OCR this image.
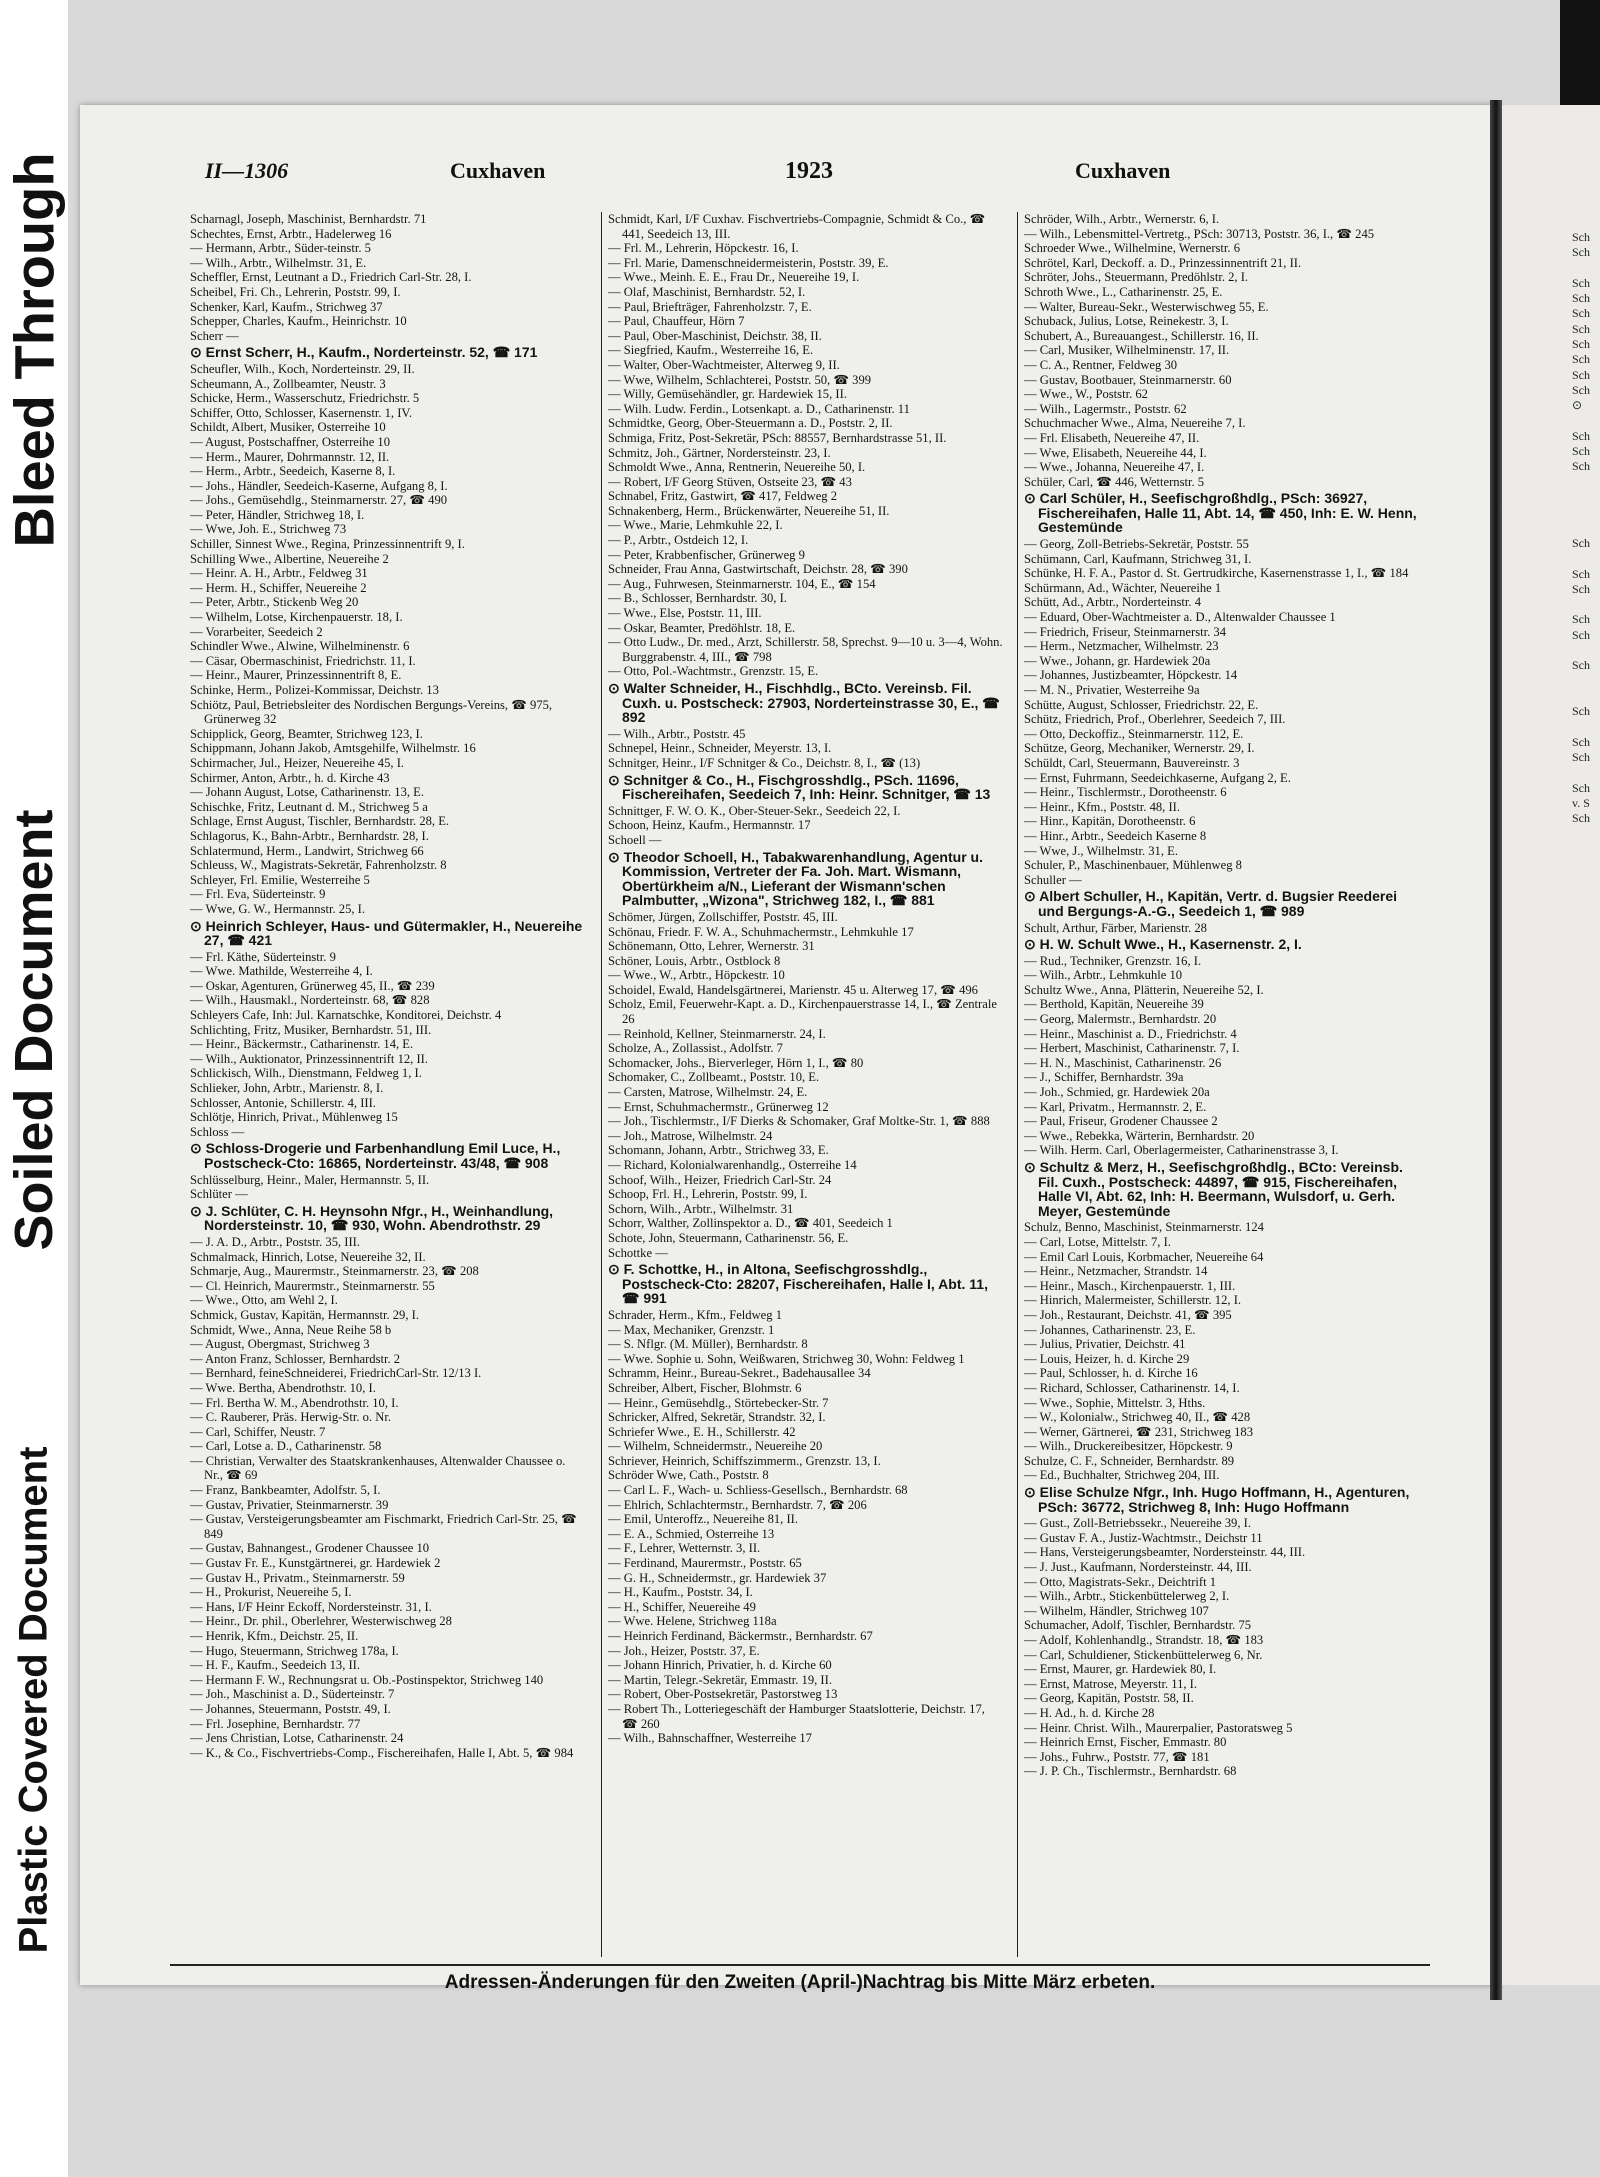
Bleed Through
Soiled Document
Plastic Covered Document
Sch
Sch
Sch
Sch
Sch
Sch
Sch
Sch
Sch
Sch
⊙
Sch
Sch
Sch
Sch
Sch
Sch
Sch
Sch
Sch
Sch
Sch
Sch
Sch
v. S
Sch
II—1306	Cuxhaven	1923	Cuxhaven
Scharnagl, Joseph, Maschinist, Bernhardstr. 71
Schechtes, Ernst, Arbtr., Hadelerweg 16
— Hermann, Arbtr., Süder-teinstr. 5
— Wilh., Arbtr., Wilhelmstr. 31, E.
Scheffler, Ernst, Leutnant a D., Friedrich Carl-Str. 28, I.
Scheibel, Fri. Ch., Lehrerin, Poststr. 99, I.
Schenker, Karl, Kaufm., Strichweg 37
Schepper, Charles, Kaufm., Heinrichstr. 10
Scherr —
⊙ Ernst Scherr, H., Kaufm., Norderteinstr. 52, ☎ 171
Scheufler, Wilh., Koch, Norderteinstr. 29, II.
Scheumann, A., Zollbeamter, Neustr. 3
Schicke, Herm., Wasserschutz, Friedrichstr. 5
Schiffer, Otto, Schlosser, Kasernenstr. 1, IV.
Schildt, Albert, Musiker, Osterreihe 10
— August, Postschaffner, Osterreihe 10
— Herm., Maurer, Dohrmannstr. 12, II.
— Herm., Arbtr., Seedeich, Kaserne 8, I.
— Johs., Händler, Seedeich-Kaserne, Aufgang 8, I.
— Johs., Gemüsehdlg., Steinmarnerstr. 27, ☎ 490
— Peter, Händler, Strichweg 18, I.
— Wwe, Joh. E., Strichweg 73
Schiller, Sinnest Wwe., Regina, Prinzessinnentrift 9, I.
Schilling Wwe., Albertine, Neuereihe 2
— Heinr. A. H., Arbtr., Feldweg 31
— Herm. H., Schiffer, Neuereihe 2
— Peter, Arbtr., Stickenb Weg 20
— Wilhelm, Lotse, Kirchenpauerstr. 18, I.
— Vorarbeiter, Seedeich 2
Schindler Wwe., Alwine, Wilhelminenstr. 6
— Cäsar, Obermaschinist, Friedrichstr. 11, I.
— Heinr., Maurer, Prinzessinnentrift 8, E.
Schinke, Herm., Polizei-Kommissar, Deichstr. 13
Schiötz, Paul, Betriebsleiter des Nordischen Bergungs-Vereins, ☎ 975, Grünerweg 32
Schipplick, Georg, Beamter, Strichweg 123, I.
Schippmann, Johann Jakob, Amtsgehilfe, Wilhelmstr. 16
Schirmacher, Jul., Heizer, Neuereihe 45, I.
Schirmer, Anton, Arbtr., h. d. Kirche 43
— Johann August, Lotse, Catharinenstr. 13, E.
Schischke, Fritz, Leutnant d. M., Strichweg 5 a
Schlage, Ernst August, Tischler, Bernhardstr. 28, E.
Schlagorus, K., Bahn-Arbtr., Bernhardstr. 28, I.
Schlatermund, Herm., Landwirt, Strichweg 66
Schleuss, W., Magistrats-Sekretär, Fahrenholzstr. 8
Schleyer, Frl. Emilie, Westerreihe 5
— Frl. Eva, Süderteinstr. 9
— Wwe, G. W., Hermannstr. 25, I.
⊙ Heinrich Schleyer, Haus- und Gütermakler, H., Neuereihe 27, ☎ 421
— Frl. Käthe, Süderteinstr. 9
— Wwe. Mathilde, Westerreihe 4, I.
— Oskar, Agenturen, Grünerweg 45, II., ☎ 239
— Wilh., Hausmakl., Norderteinstr. 68, ☎ 828
Schleyers Cafe, Inh: Jul. Karnatschke, Konditorei, Deichstr. 4
Schlichting, Fritz, Musiker, Bernhardstr. 51, III.
— Heinr., Bäckermstr., Catharinenstr. 14, E.
— Wilh., Auktionator, Prinzessinnentrift 12, II.
Schlickisch, Wilh., Dienstmann, Feldweg 1, I.
Schlieker, John, Arbtr., Marienstr. 8, I.
Schlosser, Antonie, Schillerstr. 4, III.
Schlötje, Hinrich, Privat., Mühlenweg 15
Schloss —
⊙ Schloss-Drogerie und Farbenhandlung Emil Luce, H., Postscheck-Cto: 16865, Norderteinstr. 43/48, ☎ 908
Schlüsselburg, Heinr., Maler, Hermannstr. 5, II.
Schlüter —
⊙ J. Schlüter, C. H. Heynsohn Nfgr., H., Weinhandlung, Nordersteinstr. 10, ☎ 930, Wohn. Abendrothstr. 29
— J. A. D., Arbtr., Poststr. 35, III.
Schmalmack, Hinrich, Lotse, Neuereihe 32, II.
Schmarje, Aug., Maurermstr., Steinmarnerstr. 23, ☎ 208
— Cl. Heinrich, Maurermstr., Steinmarnerstr. 55
— Wwe., Otto, am Wehl 2, I.
Schmick, Gustav, Kapitän, Hermannstr. 29, I.
Schmidt, Wwe., Anna, Neue Reihe 58 b
— August, Obergmast, Strichweg 3
— Anton Franz, Schlosser, Bernhardstr. 2
— Bernhard, feineSchneiderei, FriedrichCarl-Str. 12/13 I.
— Wwe. Bertha, Abendrothstr. 10, I.
— Frl. Bertha W. M., Abendrothstr. 10, I.
— C. Rauberer, Präs. Herwig-Str. o. Nr.
— Carl, Schiffer, Neustr. 7
— Carl, Lotse a. D., Catharinenstr. 58
— Christian, Verwalter des Staatskrankenhauses, Altenwalder Chaussee o. Nr., ☎ 69
— Franz, Bankbeamter, Adolfstr. 5, I.
— Gustav, Privatier, Steinmarnerstr. 39
— Gustav, Versteigerungsbeamter am Fischmarkt, Friedrich Carl-Str. 25, ☎ 849
— Gustav, Bahnangest., Grodener Chaussee 10
— Gustav Fr. E., Kunstgärtnerei, gr. Hardewiek 2
— Gustav H., Privatm., Steinmarnerstr. 59
— H., Prokurist, Neuereihe 5, I.
— Hans, I/F Heinr Eckoff, Nordersteinstr. 31, I.
— Heinr., Dr. phil., Oberlehrer, Westerwischweg 28
— Henrik, Kfm., Deichstr. 25, II.
— Hugo, Steuermann, Strichweg 178a, I.
— H. F., Kaufm., Seedeich 13, II.
— Hermann F. W., Rechnungsrat u. Ob.-Postinspektor, Strichweg 140
— Joh., Maschinist a. D., Süderteinstr. 7
— Johannes, Steuermann, Poststr. 49, I.
— Frl. Josephine, Bernhardstr. 77
— Jens Christian, Lotse, Catharinenstr. 24
— K., & Co., Fischvertriebs-Comp., Fischereihafen, Halle I, Abt. 5, ☎ 984
Schmidt, Karl, I/F Cuxhav. Fischvertriebs-Compagnie, Schmidt & Co., ☎ 441, Seedeich 13, III.
— Frl. M., Lehrerin, Höpckestr. 16, I.
— Frl. Marie, Damenschneidermeisterin, Poststr. 39, E.
— Wwe., Meinh. E. E., Frau Dr., Neuereihe 19, I.
— Olaf, Maschinist, Bernhardstr. 52, I.
— Paul, Briefträger, Fahrenholzstr. 7, E.
— Paul, Chauffeur, Hörn 7
— Paul, Ober-Maschinist, Deichstr. 38, II.
— Siegfried, Kaufm., Westerreihe 16, E.
— Walter, Ober-Wachtmeister, Alterweg 9, II.
— Wwe, Wilhelm, Schlachterei, Poststr. 50, ☎ 399
— Willy, Gemüsehändler, gr. Hardewiek 15, II.
— Wilh. Ludw. Ferdin., Lotsenkapt. a. D., Catharinenstr. 11
Schmidtke, Georg, Ober-Steuermann a. D., Poststr. 2, II.
Schmiga, Fritz, Post-Sekretär, PSch: 88557, Bernhardstrasse 51, II.
Schmitz, Joh., Gärtner, Nordersteinstr. 23, I.
Schmoldt Wwe., Anna, Rentnerin, Neuereihe 50, I.
— Robert, I/F Georg Stüven, Ostseite 23, ☎ 43
Schnabel, Fritz, Gastwirt, ☎ 417, Feldweg 2
Schnakenberg, Herm., Brückenwärter, Neuereihe 51, II.
— Wwe., Marie, Lehmkuhle 22, I.
— P., Arbtr., Ostdeich 12, I.
— Peter, Krabbenfischer, Grünerweg 9
Schneider, Frau Anna, Gastwirtschaft, Deichstr. 28, ☎ 390
— Aug., Fuhrwesen, Steinmarnerstr. 104, E., ☎ 154
— B., Schlosser, Bernhardstr. 30, I.
— Wwe., Else, Poststr. 11, III.
— Oskar, Beamter, Predöhlstr. 18, E.
— Otto Ludw., Dr. med., Arzt, Schillerstr. 58, Sprechst. 9—10 u. 3—4, Wohn. Burggrabenstr. 4, III., ☎ 798
— Otto, Pol.-Wachtmstr., Grenzstr. 15, E.
⊙ Walter Schneider, H., Fischhdlg., BCto. Vereinsb. Fil. Cuxh. u. Postscheck: 27903, Norderteinstrasse 30, E., ☎ 892
— Wilh., Arbtr., Poststr. 45
Schnepel, Heinr., Schneider, Meyerstr. 13, I.
Schnitger, Heinr., I/F Schnitger & Co., Deichstr. 8, I., ☎ (13)
⊙ Schnitger & Co., H., Fischgrosshdlg., PSch. 11696, Fischereihafen, Seedeich 7, Inh: Heinr. Schnitger, ☎ 13
Schnittger, F. W. O. K., Ober-Steuer-Sekr., Seedeich 22, I.
Schoon, Heinz, Kaufm., Hermannstr. 17
Schoell —
⊙ Theodor Schoell, H., Tabakwarenhandlung, Agentur u. Kommission, Vertreter der Fa. Joh. Mart. Wismann, Obertürkheim a/N., Lieferant der Wismann'schen Palmbutter, „Wizona", Strichweg 182, I., ☎ 881
Schömer, Jürgen, Zollschiffer, Poststr. 45, III.
Schönau, Friedr. F. W. A., Schuhmachermstr., Lehmkuhle 17
Schönemann, Otto, Lehrer, Wernerstr. 31
Schöner, Louis, Arbtr., Ostblock 8
— Wwe., W., Arbtr., Höpckestr. 10
Schoidel, Ewald, Handelsgärtnerei, Marienstr. 45 u. Alterweg 17, ☎ 496
Scholz, Emil, Feuerwehr-Kapt. a. D., Kirchenpauerstrasse 14, I., ☎ Zentrale 26
— Reinhold, Kellner, Steinmarnerstr. 24, I.
Scholze, A., Zollassist., Adolfstr. 7
Schomacker, Johs., Bierverleger, Hörn 1, I., ☎ 80
Schomaker, C., Zollbeamt., Poststr. 10, E.
— Carsten, Matrose, Wilhelmstr. 24, E.
— Ernst, Schuhmachermstr., Grünerweg 12
— Joh., Tischlermstr., I/F Dierks & Schomaker, Graf Moltke-Str. 1, ☎ 888
— Joh., Matrose, Wilhelmstr. 24
Schomann, Johann, Arbtr., Strichweg 33, E.
— Richard, Kolonialwarenhandlg., Osterreihe 14
Schoof, Wilh., Heizer, Friedrich Carl-Str. 24
Schoop, Frl. H., Lehrerin, Poststr. 99, I.
Schorn, Wilh., Arbtr., Wilhelmstr. 31
Schorr, Walther, Zollinspektor a. D., ☎ 401, Seedeich 1
Schote, John, Steuermann, Catharinenstr. 56, E.
Schottke —
⊙ F. Schottke, H., in Altona, Seefischgrosshdlg., Postscheck-Cto: 28207, Fischereihafen, Halle I, Abt. 11, ☎ 991
Schrader, Herm., Kfm., Feldweg 1
— Max, Mechaniker, Grenzstr. 1
— S. Nflgr. (M. Müller), Bernhardstr. 8
— Wwe. Sophie u. Sohn, Weißwaren, Strichweg 30, Wohn: Feldweg 1
Schramm, Heinr., Bureau-Sekret., Badehausallee 34
Schreiber, Albert, Fischer, Blohmstr. 6
— Heinr., Gemüsehdlg., Störtebecker-Str. 7
Schricker, Alfred, Sekretär, Strandstr. 32, I.
Schriefer Wwe., E. H., Schillerstr. 42
— Wilhelm, Schneidermstr., Neuereihe 20
Schriever, Heinrich, Schiffszimmerm., Grenzstr. 13, I.
Schröder Wwe, Cath., Poststr. 8
— Carl L. F., Wach- u. Schliess-Gesellsch., Bernhardstr. 68
— Ehlrich, Schlachtermstr., Bernhardstr. 7, ☎ 206
— Emil, Unteroffz., Neuereihe 81, II.
— E. A., Schmied, Osterreihe 13
— F., Lehrer, Wetternstr. 3, II.
— Ferdinand, Maurermstr., Poststr. 65
— G. H., Schneidermstr., gr. Hardewiek 37
— H., Kaufm., Poststr. 34, I.
— H., Schiffer, Neuereihe 49
— Wwe. Helene, Strichweg 118a
— Heinrich Ferdinand, Bäckermstr., Bernhardstr. 67
— Joh., Heizer, Poststr. 37, E.
— Johann Hinrich, Privatier, h. d. Kirche 60
— Martin, Telegr.-Sekretär, Emmastr. 19, II.
— Robert, Ober-Postsekretär, Pastorstweg 13
— Robert Th., Lotteriegeschäft der Hamburger Staatslotterie, Deichstr. 17, ☎ 260
— Wilh., Bahnschaffner, Westerreihe 17
Schröder, Wilh., Arbtr., Wernerstr. 6, I.
— Wilh., Lebensmittel-Vertretg., PSch: 30713, Poststr. 36, I., ☎ 245
Schroeder Wwe., Wilhelmine, Wernerstr. 6
Schrötel, Karl, Deckoff. a. D., Prinzessinnentrift 21, II.
Schröter, Johs., Steuermann, Predöhlstr. 2, I.
Schroth Wwe., L., Catharinenstr. 25, E.
— Walter, Bureau-Sekr., Westerwischweg 55, E.
Schuback, Julius, Lotse, Reinekestr. 3, I.
Schubert, A., Bureauangest., Schillerstr. 16, II.
— Carl, Musiker, Wilhelminenstr. 17, II.
— C. A., Rentner, Feldweg 30
— Gustav, Bootbauer, Steinmarnerstr. 60
— Wwe., W., Poststr. 62
— Wilh., Lagermstr., Poststr. 62
Schuchmacher Wwe., Alma, Neuereihe 7, I.
— Frl. Elisabeth, Neuereihe 47, II.
— Wwe, Elisabeth, Neuereihe 44, I.
— Wwe., Johanna, Neuereihe 47, I.
Schüler, Carl, ☎ 446, Wetternstr. 5
⊙ Carl Schüler, H., Seefischgroßhdlg., PSch: 36927, Fischereihafen, Halle 11, Abt. 14, ☎ 450, Inh: E. W. Henn, Gestemünde
— Georg, Zoll-Betriebs-Sekretär, Poststr. 55
Schümann, Carl, Kaufmann, Strichweg 31, I.
Schünke, H. F. A., Pastor d. St. Gertrudkirche, Kasernenstrasse 1, I., ☎ 184
Schürmann, Ad., Wächter, Neuereihe 1
Schütt, Ad., Arbtr., Norderteinstr. 4
— Eduard, Ober-Wachtmeister a. D., Altenwalder Chaussee 1
— Friedrich, Friseur, Steinmarnerstr. 34
— Herm., Netzmacher, Wilhelmstr. 23
— Wwe., Johann, gr. Hardewiek 20a
— Johannes, Justizbeamter, Höpckestr. 14
— M. N., Privatier, Westerreihe 9a
Schütte, August, Schlosser, Friedrichstr. 22, E.
Schütz, Friedrich, Prof., Oberlehrer, Seedeich 7, III.
— Otto, Deckoffiz., Steinmarnerstr. 112, E.
Schütze, Georg, Mechaniker, Wernerstr. 29, I.
Schüldt, Carl, Steuermann, Bauvereinstr. 3
— Ernst, Fuhrmann, Seedeichkaserne, Aufgang 2, E.
— Heinr., Tischlermstr., Dorotheenstr. 6
— Heinr., Kfm., Poststr. 48, II.
— Hinr., Kapitän, Dorotheenstr. 6
— Hinr., Arbtr., Seedeich Kaserne 8
— Wwe, J., Wilhelmstr. 31, E.
Schuler, P., Maschinenbauer, Mühlenweg 8
Schuller —
⊙ Albert Schuller, H., Kapitän, Vertr. d. Bugsier Reederei und Bergungs-A.-G., Seedeich 1, ☎ 989
Schult, Arthur, Färber, Marienstr. 28
⊙ H. W. Schult Wwe., H., Kasernenstr. 2, I.
— Rud., Techniker, Grenzstr. 16, I.
— Wilh., Arbtr., Lehmkuhle 10
Schultz Wwe., Anna, Plätterin, Neuereihe 52, I.
— Berthold, Kapitän, Neuereihe 39
— Georg, Malermstr., Bernhardstr. 20
— Heinr., Maschinist a. D., Friedrichstr. 4
— Herbert, Maschinist, Catharinenstr. 7, I.
— H. N., Maschinist, Catharinenstr. 26
— J., Schiffer, Bernhardstr. 39a
— Joh., Schmied, gr. Hardewiek 20a
— Karl, Privatm., Hermannstr. 2, E.
— Paul, Friseur, Grodener Chaussee 2
— Wwe., Rebekka, Wärterin, Bernhardstr. 20
— Wilh. Herm. Carl, Oberlagermeister, Catharinenstrasse 3, I.
⊙ Schultz & Merz, H., Seefischgroßhdlg., BCto: Vereinsb. Fil. Cuxh., Postscheck: 44897, ☎ 915, Fischereihafen, Halle VI, Abt. 62, Inh: H. Beermann, Wulsdorf, u. Gerh. Meyer, Gestemünde
Schulz, Benno, Maschinist, Steinmarnerstr. 124
— Carl, Lotse, Mittelstr. 7, I.
— Emil Carl Louis, Korbmacher, Neuereihe 64
— Heinr., Netzmacher, Strandstr. 14
— Heinr., Masch., Kirchenpauerstr. 1, III.
— Hinrich, Malermeister, Schillerstr. 12, I.
— Joh., Restaurant, Deichstr. 41, ☎ 395
— Johannes, Catharinenstr. 23, E.
— Julius, Privatier, Deichstr. 41
— Louis, Heizer, h. d. Kirche 29
— Paul, Schlosser, h. d. Kirche 16
— Richard, Schlosser, Catharinenstr. 14, I.
— Wwe., Sophie, Mittelstr. 3, Hths.
— W., Kolonialw., Strichweg 40, II., ☎ 428
— Werner, Gärtnerei, ☎ 231, Strichweg 183
— Wilh., Druckereibesitzer, Höpckestr. 9
Schulze, C. F., Schneider, Bernhardstr. 89
— Ed., Buchhalter, Strichweg 204, III.
⊙ Elise Schulze Nfgr., Inh. Hugo Hoffmann, H., Agenturen, PSch: 36772, Strichweg 8, Inh: Hugo Hoffmann
— Gust., Zoll-Betriebssekr., Neuereihe 39, I.
— Gustav F. A., Justiz-Wachtmstr., Deichstr 11
— Hans, Versteigerungsbeamter, Nordersteinstr. 44, III.
— J. Just., Kaufmann, Nordersteinstr. 44, III.
— Otto, Magistrats-Sekr., Deichtrift 1
— Wilh., Arbtr., Stickenbüttelerweg 2, I.
— Wilhelm, Händler, Strichweg 107
Schumacher, Adolf, Tischler, Bernhardstr. 75
— Adolf, Kohlenhandlg., Strandstr. 18, ☎ 183
— Carl, Schuldiener, Stickenbüttelerweg 6, Nr.
— Ernst, Maurer, gr. Hardewiek 80, I.
— Ernst, Matrose, Meyerstr. 11, I.
— Georg, Kapitän, Poststr. 58, II.
— H. Ad., h. d. Kirche 28
— Heinr. Christ. Wilh., Maurerpalier, Pastoratsweg 5
— Heinrich Ernst, Fischer, Emmastr. 80
— Johs., Fuhrw., Poststr. 77, ☎ 181
— J. P. Ch., Tischlermstr., Bernhardstr. 68
Adressen-Änderungen für den Zweiten (April-)Nachtrag bis Mitte März erbeten.
